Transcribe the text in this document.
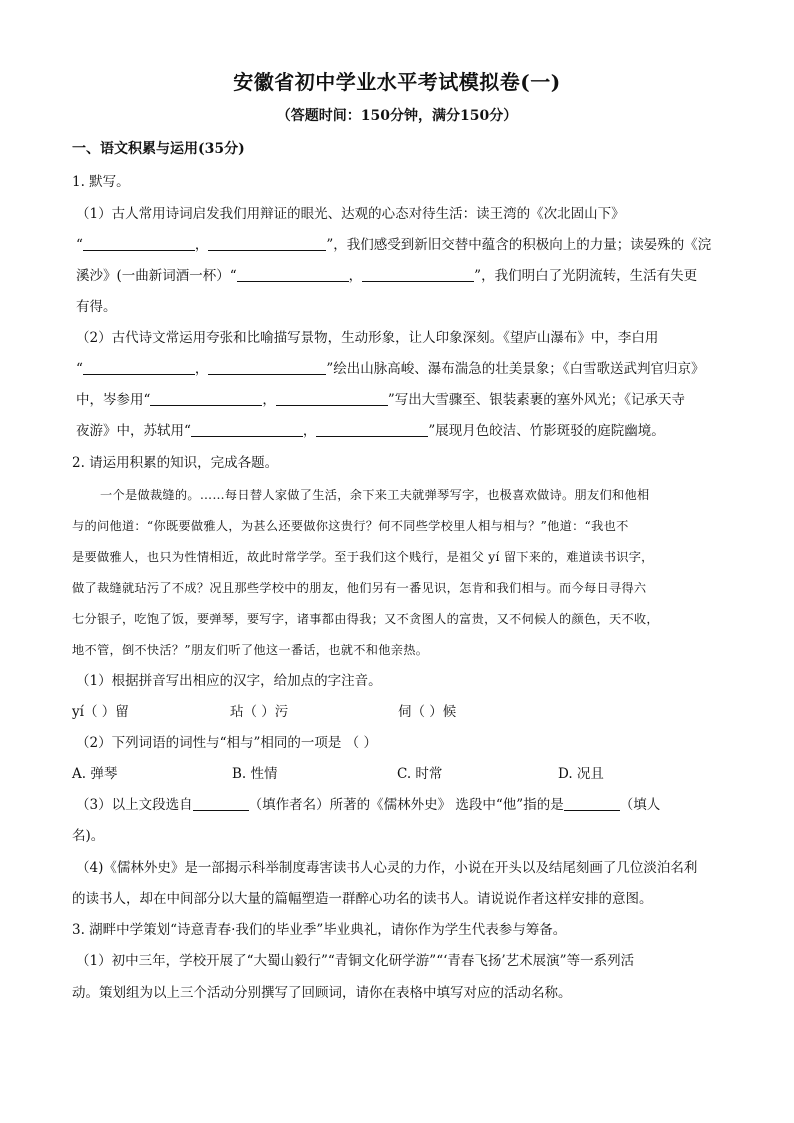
安徽省初中学业水平考试模拟卷(一)
（答题时间：150分钟，满分150分）
一、语文积累与运用(35分)
1. 默写。
（1）古人常用诗词启发我们用辩证的眼光、达观的心态对待生活：读王湾的《次北固山下》
“	，	”，我们感受到新旧交替中蕴含的积极向上的力量；读晏殊的《浣
溪沙》(一曲新词酒一杯）“	，	”，我们明白了光阴流转，生活有失更
有得。
（2）古代诗文常运用夸张和比喻描写景物，生动形象，让人印象深刻。《望庐山瀑布》中，李白用
“	，	”绘出山脉高峻、瀑布湍急的壮美景象；《白雪歌送武判官归京》
中，岑参用“	，	”写出大雪骤至、银装素裹的塞外风光；《记承天寺
夜游》中，苏轼用“	，	”展现月色皎洁、竹影斑驳的庭院幽境。
2. 请运用积累的知识，完成各题。
一个是做裁缝的。……每日替人家做了生活，余下来工夫就弹琴写字，也极喜欢做诗。朋友们和他相
与的问他道：“你既要做雅人，为甚么还要做你这贵行？何不同些学校里人相与相与？”他道：“我也不
是要做雅人，也只为性情相近，故此时常学学。至于我们这个贱行，是祖父 yí 留下来的，难道读书识字，
做了裁缝就玷污了不成？况且那些学校中的朋友，他们另有一番见识，怎肯和我们相与。而今每日寻得六
七分银子，吃饱了饭，要弹琴，要写字，诸事都由得我；又不贪图人的富贵，又不伺候人的颜色，天不收，
地不管，倒不快活？”朋友们听了他这一番话，也就不和他亲热。
（1）根据拼音写出相应的汉字，给加点的字注音。
yí（ ）留	玷（ ）污	伺（ ）候
（2）下列词语的词性与“相与”相同的一项是 （ ）
A. 弹琴	B. 性情	C. 时常	D. 况且
（3）以上文段选自	（填作者名）所著的《儒林外史》 选段中“他”指的是	（填人
名)。
（4)《儒林外史》是一部揭示科举制度毒害读书人心灵的力作，小说在开头以及结尾刻画了几位淡泊名利
的读书人，却在中间部分以大量的篇幅塑造一群醉心功名的读书人。请说说作者这样安排的意图。
3. 湖畔中学策划“诗意青春·我们的毕业季”毕业典礼，请你作为学生代表参与筹备。
（1）初中三年，学校开展了“大蜀山毅行”“青铜文化研学游”“‘青春飞扬’艺术展演”等一系列活
动。策划组为以上三个活动分别撰写了回顾词，请你在表格中填写对应的活动名称。
